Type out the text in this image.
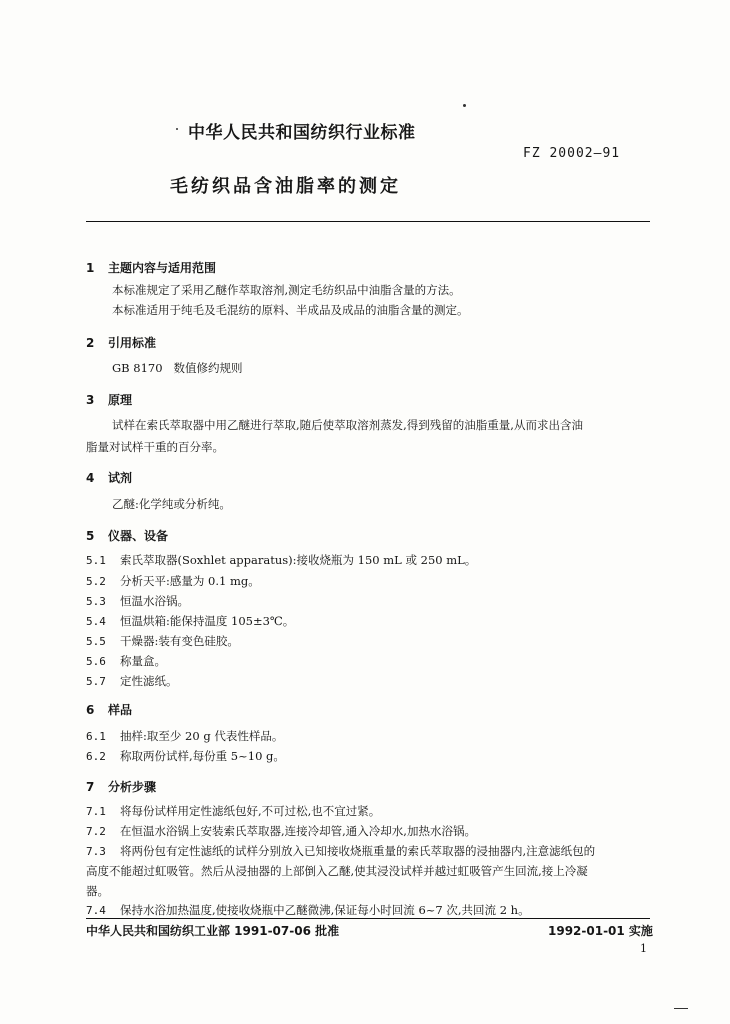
中华人民共和国纺织行业标准
FZ 20002—91
毛纺织品含油脂率的测定
1 主题内容与适用范围
本标准规定了采用乙醚作萃取溶剂,测定毛纺织品中油脂含量的方法。
本标准适用于纯毛及毛混纺的原料、半成品及成品的油脂含量的测定。
2 引用标准
GB 8170   数值修约规则
3 原理
试样在索氏萃取器中用乙醚进行萃取,随后使萃取溶剂蒸发,得到残留的油脂重量,从而求出含油
脂量对试样干重的百分率。
4 试剂
乙醚:化学纯或分析纯。
5 仪器、设备
5.1 索氏萃取器(Soxhlet apparatus):接收烧瓶为 150 mL 或 250 mL。
5.2 分析天平:感量为 0.1 mg。
5.3 恒温水浴锅。
5.4 恒温烘箱:能保持温度 105±3℃。
5.5 干燥器:装有变色硅胶。
5.6 称量盒。
5.7 定性滤纸。
6 样品
6.1 抽样:取至少 20 g 代表性样品。
6.2 称取两份试样,每份重 5~10 g。
7 分析步骤
7.1 将每份试样用定性滤纸包好,不可过松,也不宜过紧。
7.2 在恒温水浴锅上安装索氏萃取器,连接冷却管,通入冷却水,加热水浴锅。
7.3 将两份包有定性滤纸的试样分别放入已知接收烧瓶重量的索氏萃取器的浸抽器内,注意滤纸包的
高度不能超过虹吸管。然后从浸抽器的上部倒入乙醚,使其浸没试样并越过虹吸管产生回流,接上冷凝
器。
7.4 保持水浴加热温度,使接收烧瓶中乙醚微沸,保证每小时回流 6~7 次,共回流 2 h。
中华人民共和国纺织工业部 1991-07-06 批准	1992-01-01 实施
1
